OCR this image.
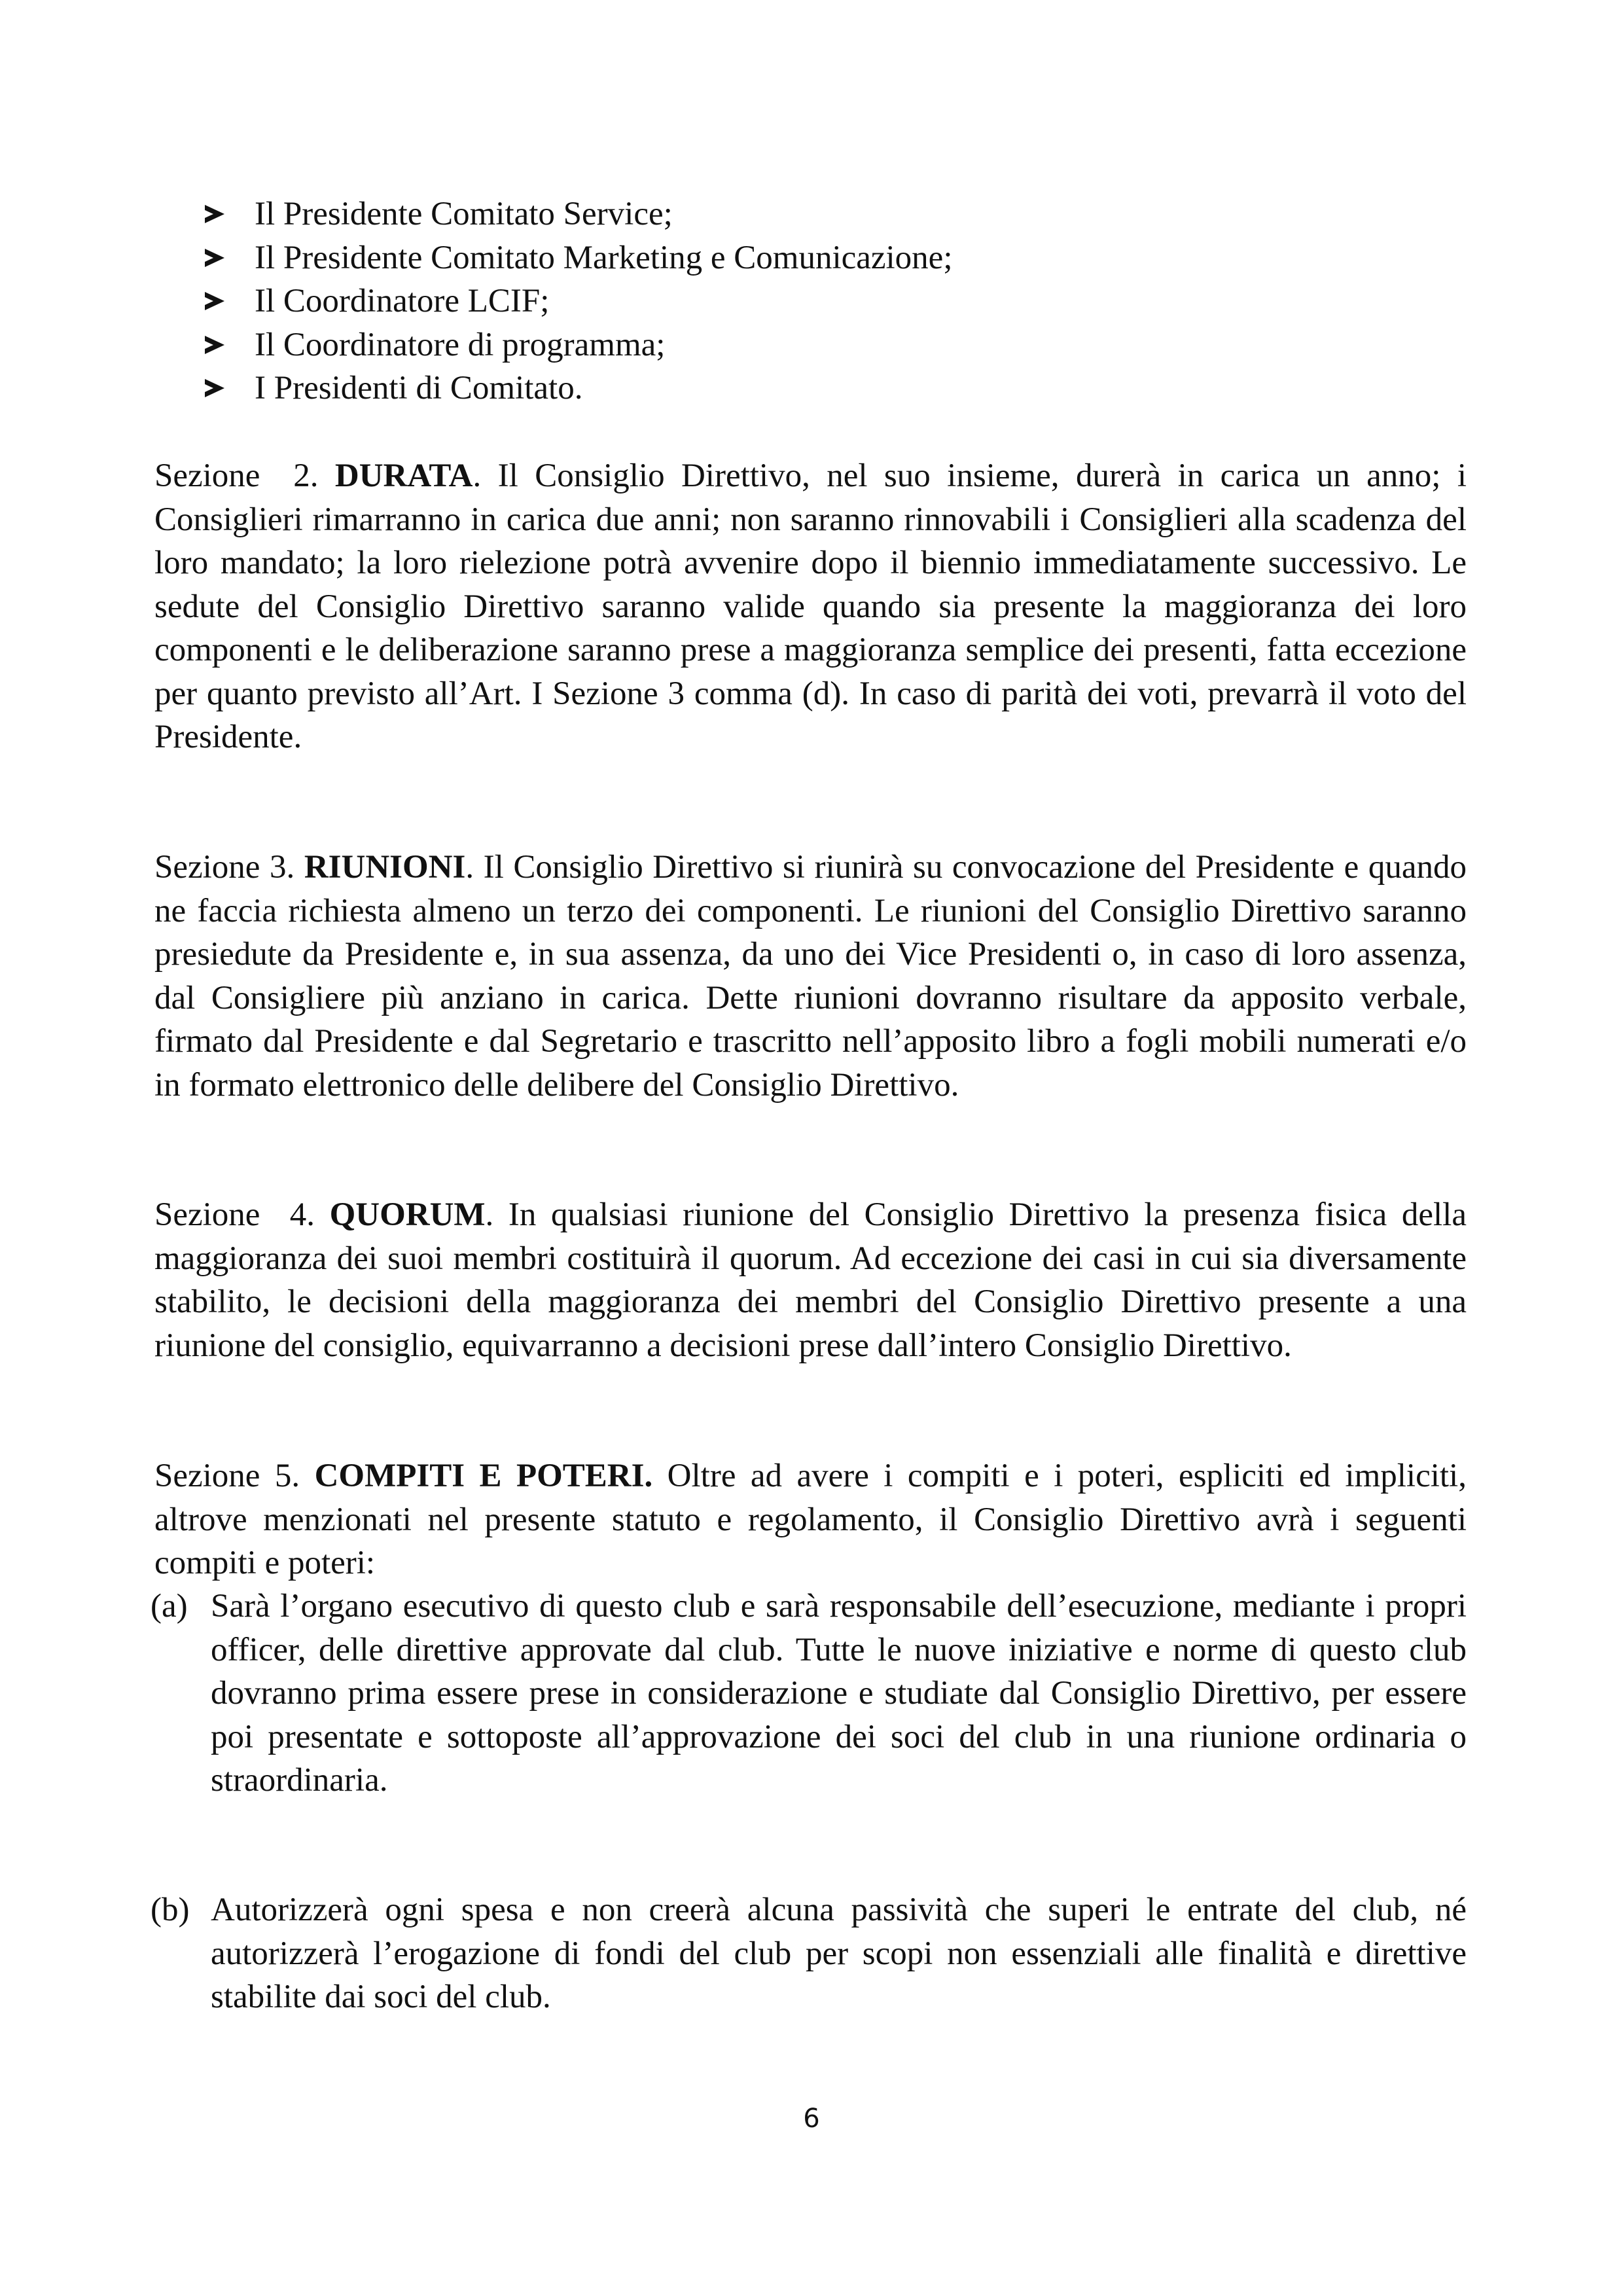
Il Presidente Comitato Service;
Il Presidente Comitato Marketing e Comunicazione;
Il Coordinatore LCIF;
Il Coordinatore di programma;
I Presidenti di Comitato.

Sezione  2. DURATA. Il Consiglio Direttivo, nel suo insieme, durerà in carica un anno; i Consiglieri rimarranno in carica due anni; non saranno rinnovabili i Consiglieri alla scadenza del loro mandato; la loro rielezione potrà avvenire dopo il biennio immediatamente successivo. Le sedute del Consiglio Direttivo saranno valide quando sia presente la maggioranza dei loro componenti e le deliberazione saranno prese a maggioranza semplice dei presenti, fatta eccezione per quanto previsto all’Art. I Sezione 3 comma (d). In caso di parità dei voti, prevarrà il voto del Presidente.

Sezione 3. RIUNIONI. Il Consiglio Direttivo si riunirà su convocazione del Presidente e quando ne faccia richiesta almeno un terzo dei componenti. Le riunioni del Consiglio Direttivo saranno presiedute da Presidente e, in sua assenza, da uno dei Vice Presidenti o, in caso di loro assenza, dal Consigliere più anziano in carica. Dette riunioni dovranno risultare da apposito verbale, firmato dal Presidente e dal Segretario e trascritto nell’apposito libro a fogli mobili numerati e/o in formato elettronico delle delibere del Consiglio Direttivo.

Sezione  4. QUORUM. In qualsiasi riunione del Consiglio Direttivo la presenza fisica della maggioranza dei suoi membri costituirà il quorum. Ad eccezione dei casi in cui sia diversamente stabilito, le decisioni della maggioranza dei membri del Consiglio Direttivo presente a una riunione del consiglio, equivarranno a decisioni prese dall’intero Consiglio Direttivo.

Sezione 5. COMPITI E POTERI. Oltre ad avere i compiti e i poteri, espliciti ed impliciti, altrove menzionati nel presente statuto e regolamento, il Consiglio Direttivo avrà i seguenti compiti e poteri:

(a) Sarà l’organo esecutivo di questo club e sarà responsabile dell’esecuzione, mediante i propri officer, delle direttive approvate dal club. Tutte le nuove iniziative e norme di questo club dovranno prima essere prese in considerazione e studiate dal Consiglio Direttivo, per essere poi presentate e sottoposte all’approvazione dei soci del club in una riunione ordinaria o straordinaria.

(b) Autorizzerà ogni spesa e non creerà alcuna passività che superi le entrate del club, né autorizzerà l’erogazione di fondi del club per scopi non essenziali alle finalità e direttive stabilite dai soci del club.

6
